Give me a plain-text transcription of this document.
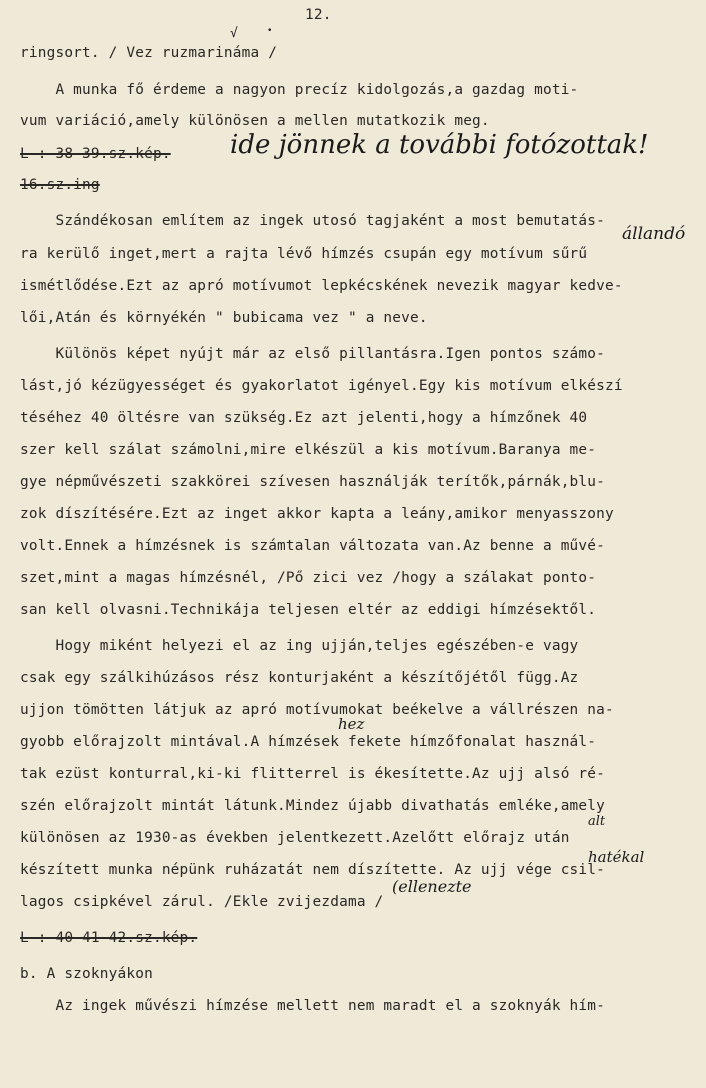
12.
√	•
ringsort. / Vez ruzmarináma /
A munka fő érdeme a nagyon precíz kidolgozás,a gazdag moti-
vum variáció,amely különösen a mellen mutatkozik meg.
L : 38-39.sz.kép. ide jönnek a további fotózottak!
16.sz.ing
Szándékosan említem az ingek utosó tagjaként a most bemutatás-
állandó
ra kerülő inget,mert a rajta lévő hímzés csupán egy motívum sűrű
ismétlődése.Ezt az apró motívumot lepkécskének nevezik magyar kedve-
lői,Atán és környékén " bubicama vez " a neve.
Különös képet nyújt már az első pillantásra.Igen pontos számo-
lást,jó kézügyességet és gyakorlatot igényel.Egy kis motívum elkészí
téséhez 40 öltésre van szükség.Ez azt jelenti,hogy a hímzőnek 40
szer kell szálat számolni,mire elkészül a kis motívum.Baranya me-
gye népművészeti szakkörei szívesen használják terítők,párnák,blu-
zok díszítésére.Ezt az inget akkor kapta a leány,amikor menyasszony
volt.Ennek a hímzésnek is számtalan változata van.Az benne a művé-
szet,mint a magas hímzésnél, /Pő zici vez /hogy a szálakat ponto-
san kell olvasni.Technikája teljesen eltér az eddigi hímzésektől.
Hogy miként helyezi el az ing ujján,teljes egészében-e vagy
csak egy szálkihúzásos rész konturjaként a készítőjétől függ.Az
ujjon tömötten látjuk az apró motívumokat beékelve a vállrészen na-
hez
gyobb előrajzolt mintával.A hímzések fekete hímzőfonalat használ-
tak ezüst konturral,ki-ki flitterrel is ékesítette.Az ujj alsó ré-
szén előrajzolt mintát látunk.Mindez újabb divathatás emléke,amely
alt
különösen az 1930-as években jelentkezett.Azelőtt előrajz után
hatékal
készített munka népünk ruházatát nem díszítette. Az ujj vége csil-
lagos csipkével zárul. /Ekle zvijezdama /
(ellenezte
L : 40-41-42.sz.kép.
b. A szoknyákon
Az ingek művészi hímzése mellett nem maradt el a szoknyák hím-
